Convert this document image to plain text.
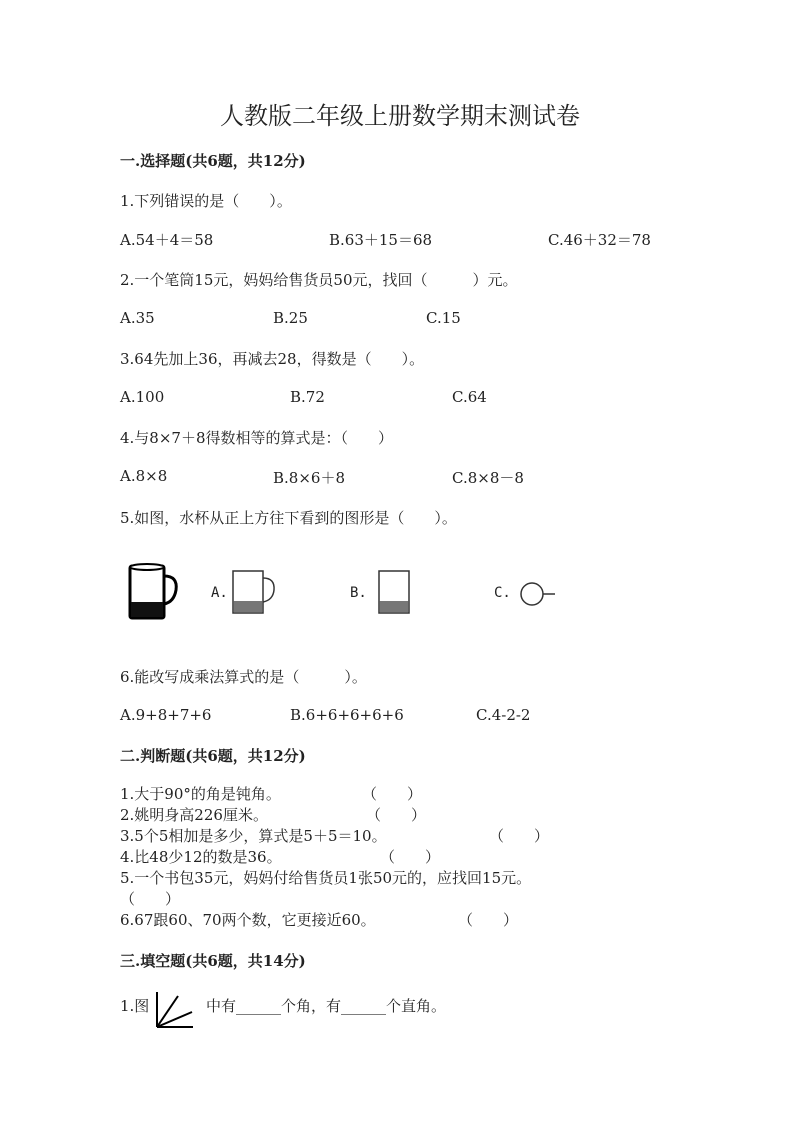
人教版二年级上册数学期末测试卷
一.选择题(共6题，共12分)
1.下列错误的是（　　）。
A.54＋4＝58	B.63＋15＝68	C.46＋32＝78
2.一个笔筒15元，妈妈给售货员50元，找回（　　　）元。
A.35	B.25	C.15
3.64先加上36，再减去28，得数是（　　）。
A.100	B.72	C.64
4.与8×7＋8得数相等的算式是：（　　）
A.8×8	B.8×6＋8	C.8×8－8
5.如图，水杯从正上方往下看到的图形是（　　）。
A.	B.	C.
6.能改写成乘法算式的是（　　　）。
A.9+8+7+6	B.6+6+6+6+6	C.4-2-2
二.判断题(共6题，共12分)
1.大于90°的角是钝角。	（　　）
2.姚明身高226厘米。	（　　）
3.5个5相加是多少，算式是5＋5＝10。	（　　）
4.比48少12的数是36。	（　　）
5.一个书包35元，妈妈付给售货员1张50元的，应找回15元。
（　　）
6.67跟60、70两个数，它更接近60。	（　　）
三.填空题(共6题，共14分)
1.图	中有______个角，有______个直角。
